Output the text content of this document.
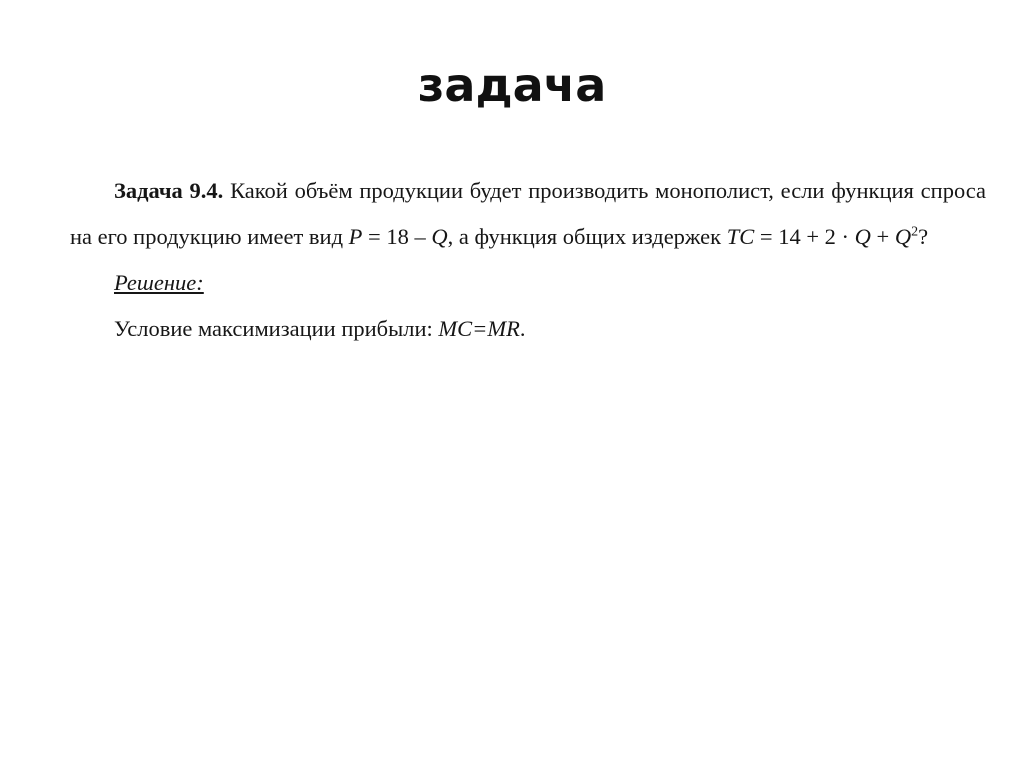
задача

Задача 9.4. Какой объём продукции будет производить монополист, если функция спроса на его продукцию имеет вид P = 18 – Q, а функция общих издержек TC = $14 + 2 \cdot Q + Q^2$?

Решение:

Условие максимизации прибыли: MC=MR.
